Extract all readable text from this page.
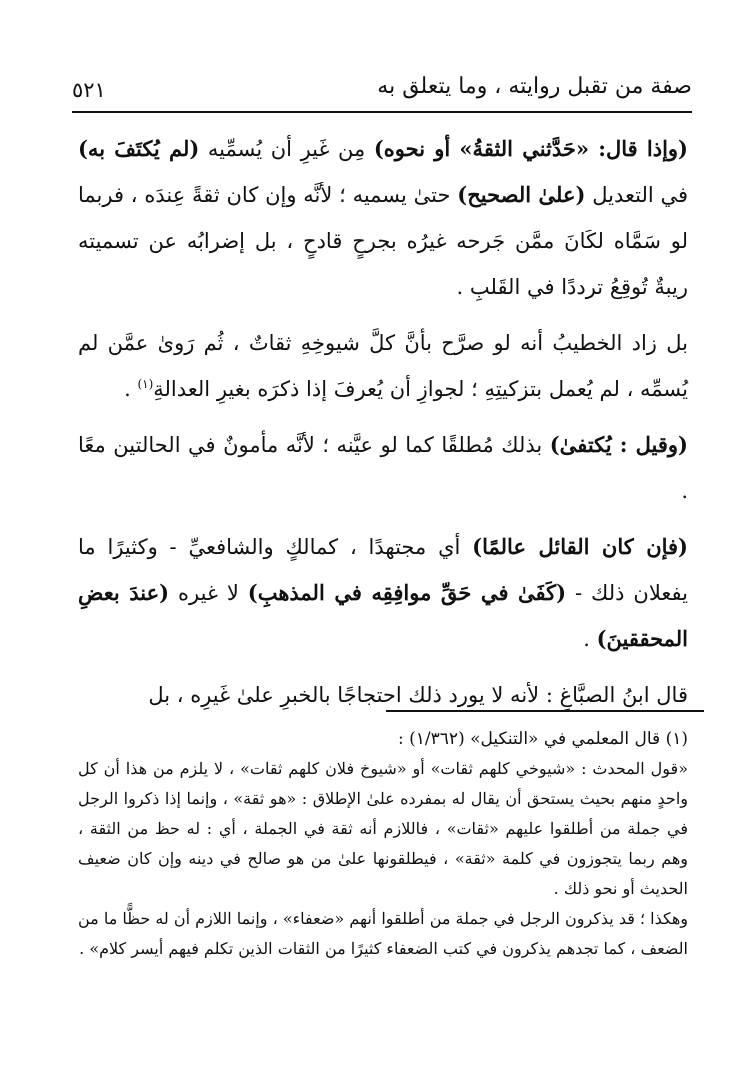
صفة من تقبل روايته ، وما يتعلق به
٥٢١

(وإذا قال: «حَدَّثني الثقةُ» أو نحوه) مِن غَيرِ أن يُسمِّيه (لم يُكتَفَ به) في التعديل (علىٰ الصحيح) حتىٰ يسميه ؛ لأنَّه وإن كان ثقةً عِندَه ، فربما لو سَمَّاه لكَانَ ممَّن جَرحه غيرُه بجرحٍ قادحٍ ، بل إضرابُه عن تسميته ريبةٌ تُوقِعُ ترددًا في القَلبِ .

بل زاد الخطيبُ أنه لو صرَّح بأنَّ كلَّ شيوخِهِ ثقاتٌ ، ثُم رَوىٰ عمَّن لم يُسمِّه ، لم يُعمل بتزكيتِهِ ؛ لجوازِ أن يُعرفَ إذا ذكرَه بغيرِ العدالةِ$^{(١)}$ .

(وقيل : يُكتفىٰ) بذلك مُطلقًا كما لو عيَّنه ؛ لأنَّه مأمونٌ في الحالتين معًا .

(فإن كان القائل عالمًا) أي مجتهدًا ، كمالكٍ والشافعيِّ - وكثيرًا ما يفعلان ذلك - (كَفَىٰ في حَقِّ موافِقِه في المذهبِ) لا غيره (عندَ بعضِ المحققينَ) .

قال ابنُ الصبَّاغِ : لأنه لا يورد ذلك احتجاجًا بالخبرِ علىٰ غَيرِه ، بل

(١) قال المعلمي في «التنكيل» (١/٣٦٢) :

«قول المحدث : «شيوخي كلهم ثقات» أو «شيوخ فلان كلهم ثقات» ، لا يلزم من هذا أن كل واحدٍ منهم بحيث يستحق أن يقال له بمفرده علىٰ الإطلاق : «هو ثقة» ، وإنما إذا ذكروا الرجل في جملة من أطلقوا عليهم «ثقات» ، فاللازم أنه ثقة في الجملة ، أي : له حظ من الثقة ، وهم ربما يتجوزون في كلمة «ثقة» ، فيطلقونها علىٰ من هو صالح في دينه وإن كان ضعيف الحديث أو نحو ذلك .

وهكذا ؛ قد يذكرون الرجل في جملة من أطلقوا أنهم «ضعفاء» ، وإنما اللازم أن له حظًّا ما من الضعف ، كما تجدهم يذكرون في كتب الضعفاء كثيرًا من الثقات الذين تكلم فيهم أيسر كلام» .
